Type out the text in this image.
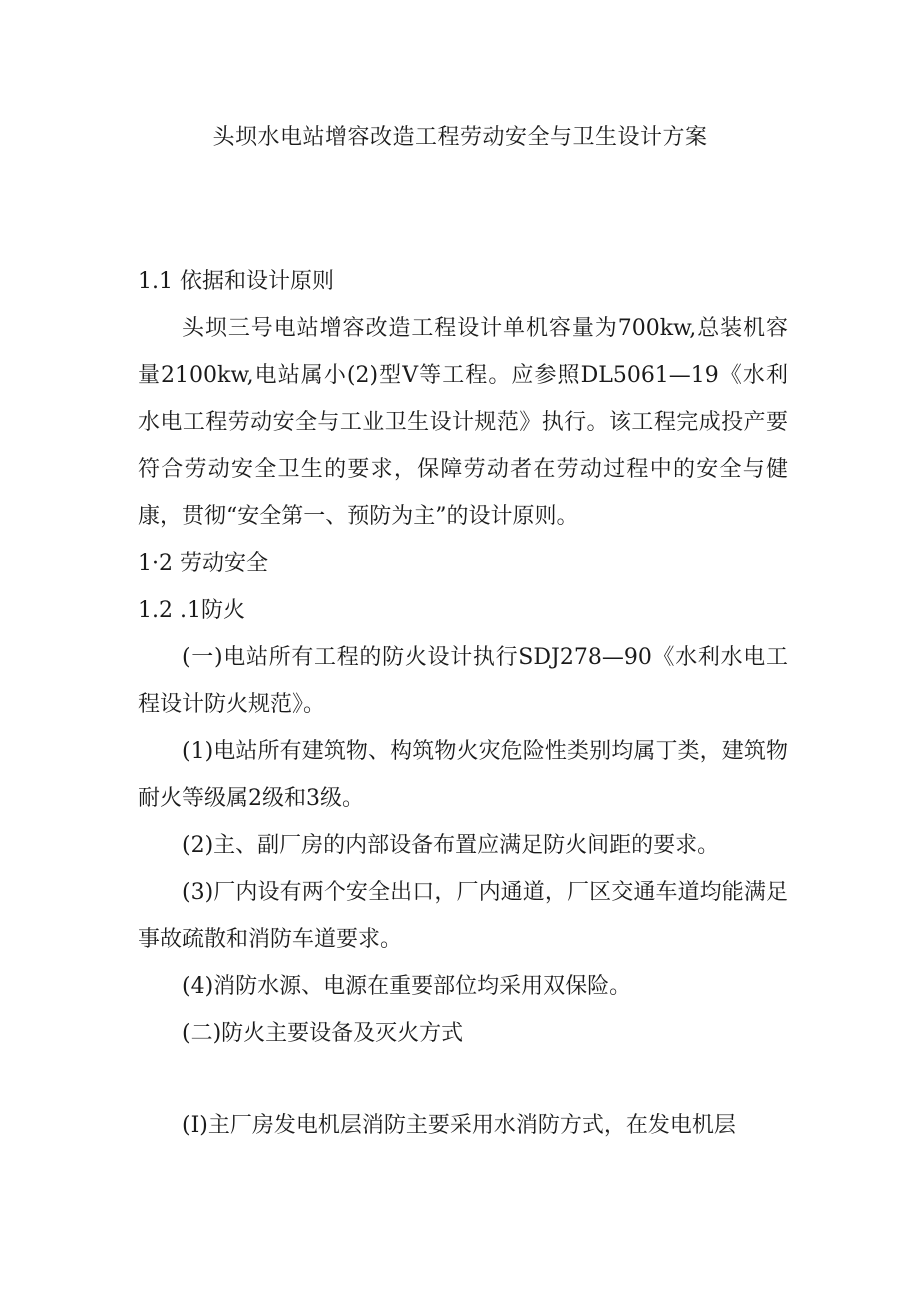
头坝水电站增容改造工程劳动安全与卫生设计方案
1.1 依据和设计原则

头坝三号电站增容改造工程设计单机容量为700kw,总装机容量2100kw,电站属小(2)型V等工程。应参照DL5061—19《水利水电工程劳动安全与工业卫生设计规范》执行。该工程完成投产要符合劳动安全卫生的要求，保障劳动者在劳动过程中的安全与健康，贯彻“安全第一、预防为主”的设计原则。

1·2 劳动安全
1.2 .1防火

(一)电站所有工程的防火设计执行SDJ278—90《水利水电工程设计防火规范》。

(1)电站所有建筑物、构筑物火灾危险性类别均属丁类，建筑物耐火等级属2级和3级。

(2)主、副厂房的内部设备布置应满足防火间距的要求。

(3)厂内设有两个安全出口，厂内通道，厂区交通车道均能满足事故疏散和消防车道要求。

(4)消防水源、电源在重要部位均采用双保险。

(二)防火主要设备及灭火方式

(I)主厂房发电机层消防主要采用水消防方式，在发电机层
